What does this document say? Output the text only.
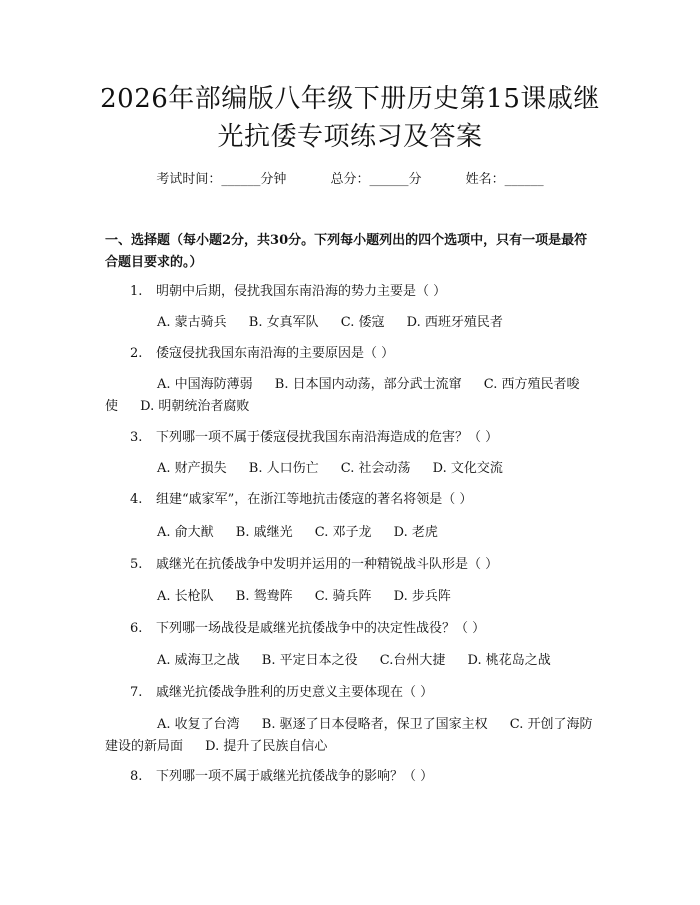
2026年部编版八年级下册历史第15课戚继
光抗倭专项练习及答案
考试时间：______分钟	总分：______分	姓名：______
一、选择题（每小题2分，共30分。下列每小题列出的四个选项中，只有一项是最符合题目要求的。）
1. 明朝中后期，侵扰我国东南沿海的势力主要是（ ）
A. 蒙古骑兵 B. 女真军队 C. 倭寇 D. 西班牙殖民者
2. 倭寇侵扰我国东南沿海的主要原因是（ ）
A. 中国海防薄弱 B. 日本国内动荡，部分武士流窜 C. 西方殖民者唆使 D. 明朝统治者腐败
3. 下列哪一项不属于倭寇侵扰我国东南沿海造成的危害？（ ）
A. 财产损失 B. 人口伤亡 C. 社会动荡 D. 文化交流
4. 组建“戚家军”，在浙江等地抗击倭寇的著名将领是（ ）
A. 俞大猷 B. 戚继光 C. 邓子龙 D. 老虎
5. 戚继光在抗倭战争中发明并运用的一种精锐战斗队形是（ ）
A. 长枪队 B. 鸳鸯阵 C. 骑兵阵 D. 步兵阵
6. 下列哪一场战役是戚继光抗倭战争中的决定性战役？（ ）
A. 威海卫之战 B. 平定日本之役 C.台州大捷 D. 桃花岛之战
7. 戚继光抗倭战争胜利的历史意义主要体现在（ ）
A. 收复了台湾 B. 驱逐了日本侵略者，保卫了国家主权 C. 开创了海防建设的新局面 D. 提升了民族自信心
8. 下列哪一项不属于戚继光抗倭战争的影响？（ ）
